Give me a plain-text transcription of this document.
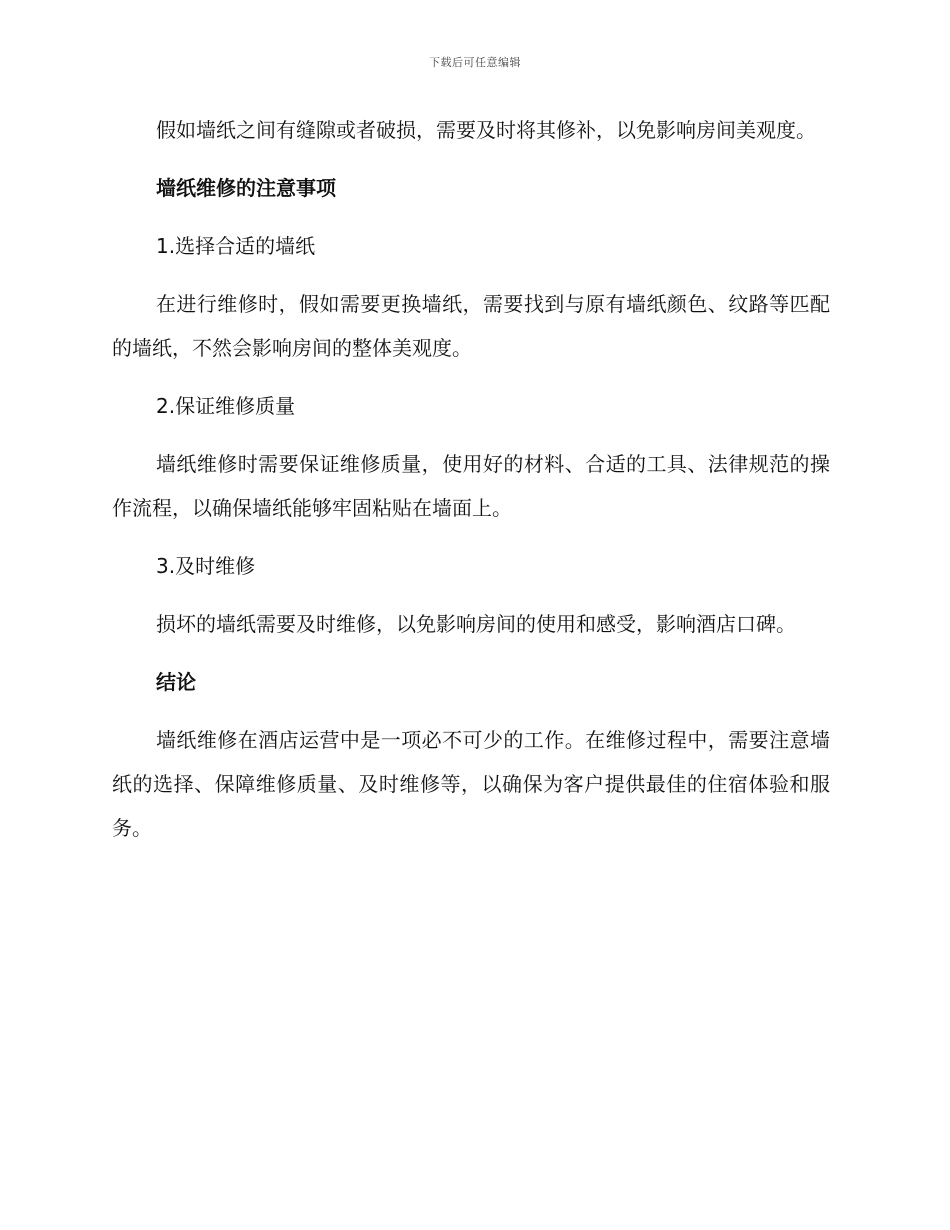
下载后可任意编辑

假如墙纸之间有缝隙或者破损，需要及时将其修补，以免影响房间美观度。

墙纸维修的注意事项

1.选择合适的墙纸

在进行维修时，假如需要更换墙纸，需要找到与原有墙纸颜色、纹路等匹配的墙纸，不然会影响房间的整体美观度。

2.保证维修质量

墙纸维修时需要保证维修质量，使用好的材料、合适的工具、法律规范的操作流程，以确保墙纸能够牢固粘贴在墙面上。

3.及时维修

损坏的墙纸需要及时维修，以免影响房间的使用和感受，影响酒店口碑。

结论

墙纸维修在酒店运营中是一项必不可少的工作。在维修过程中，需要注意墙纸的选择、保障维修质量、及时维修等，以确保为客户提供最佳的住宿体验和服务。
